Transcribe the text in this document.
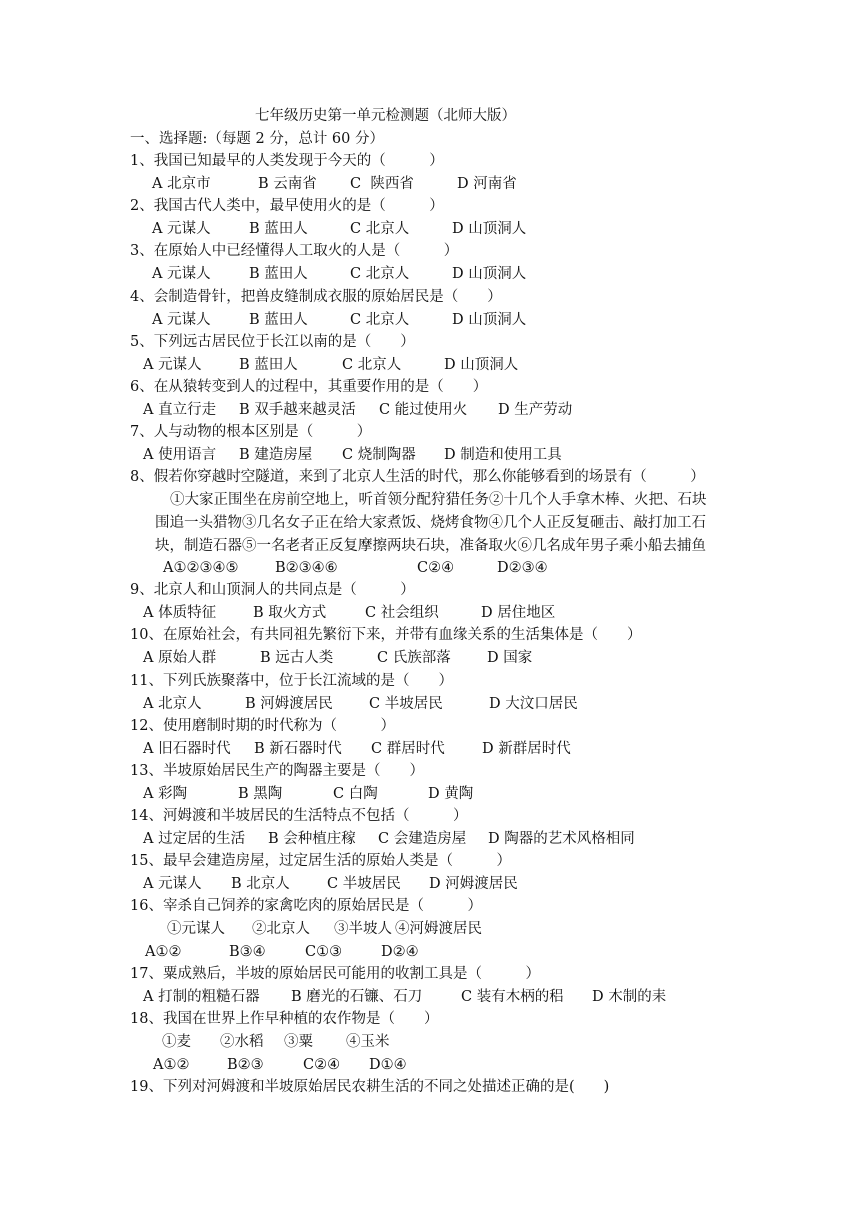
七年级历史第一单元检测题（北师大版）
一、选择题:（每题 2 分，总计 60 分）
1、我国已知最早的人类发现于今天的（　　　）
A 北京市	B 云南省	C  陕西省	D 河南省
2、我国古代人类中，最早使用火的是（　　　）
A 元谋人	B 蓝田人	C 北京人	D 山顶洞人
3、在原始人中已经懂得人工取火的人是（　　　）
A 元谋人	B 蓝田人	C 北京人	D 山顶洞人
4、会制造骨针，把兽皮缝制成衣服的原始居民是（　　）
A 元谋人	B 蓝田人	C 北京人	D 山顶洞人
5、下列远古居民位于长江以南的是（　　）
A 元谋人	B 蓝田人	C 北京人	D 山顶洞人
6、在从猿转变到人的过程中，其重要作用的是（　　）
A 直立行走	B 双手越来越灵活	C 能过使用火	D 生产劳动
7、人与动物的根本区别是（　　　）
A 使用语言	B 建造房屋	C 烧制陶器	D 制造和使用工具
8、假若你穿越时空隧道，来到了北京人生活的时代，那么你能够看到的场景有（　　　）
①大家正围坐在房前空地上，听首领分配狩猎任务②十几个人手拿木棒、火把、石块
围追一头猎物③几名女子正在给大家煮饭、烧烤食物④几个人正反复砸击、敲打加工石
块，制造石器⑤一名老者正反复摩擦两块石块，准备取火⑥几名成年男子乘小船去捕鱼
A①②③④⑤	B②③④⑥	C②④	D②③④
9、北京人和山顶洞人的共同点是（　　　）
A 体质特征	B 取火方式	C 社会组织	D 居住地区
10、在原始社会，有共同祖先繁衍下来，并带有血缘关系的生活集体是（　　）
A 原始人群	B 远古人类	C 氏族部落	D 国家
11、下列氏族聚落中，位于长江流域的是（　　）
A 北京人	B 河姆渡居民	C 半坡居民	D 大汶口居民
12、使用磨制时期的时代称为（　　　）
A 旧石器时代	B 新石器时代	C 群居时代	D 新群居时代
13、半坡原始居民生产的陶器主要是（　　）
A 彩陶	B 黑陶	C 白陶	D 黄陶
14、河姆渡和半坡居民的生活特点不包括（　　　）
A 过定居的生活	B 会种植庄稼	C 会建造房屋	D 陶器的艺术风格相同
15、最早会建造房屋，过定居生活的原始人类是（　　　）
A 元谋人	B 北京人	C 半坡居民	D 河姆渡居民
16、宰杀自己饲养的家禽吃肉的原始居民是（　　　）
①元谋人	②北京人	③半坡人 ④河姆渡居民
A①②	B③④	C①③	D②④
17、粟成熟后，半坡的原始居民可能用的收割工具是（　　　）
A 打制的粗糙石器	B 磨光的石镰、石刀	C 装有木柄的稆	D 木制的耒
18、我国在世界上作早种植的农作物是（　　）
①麦	②水稻	③粟	④玉米
A①②	B②③	C②④	D①④
19、下列对河姆渡和半坡原始居民农耕生活的不同之处描述正确的是(　　)
